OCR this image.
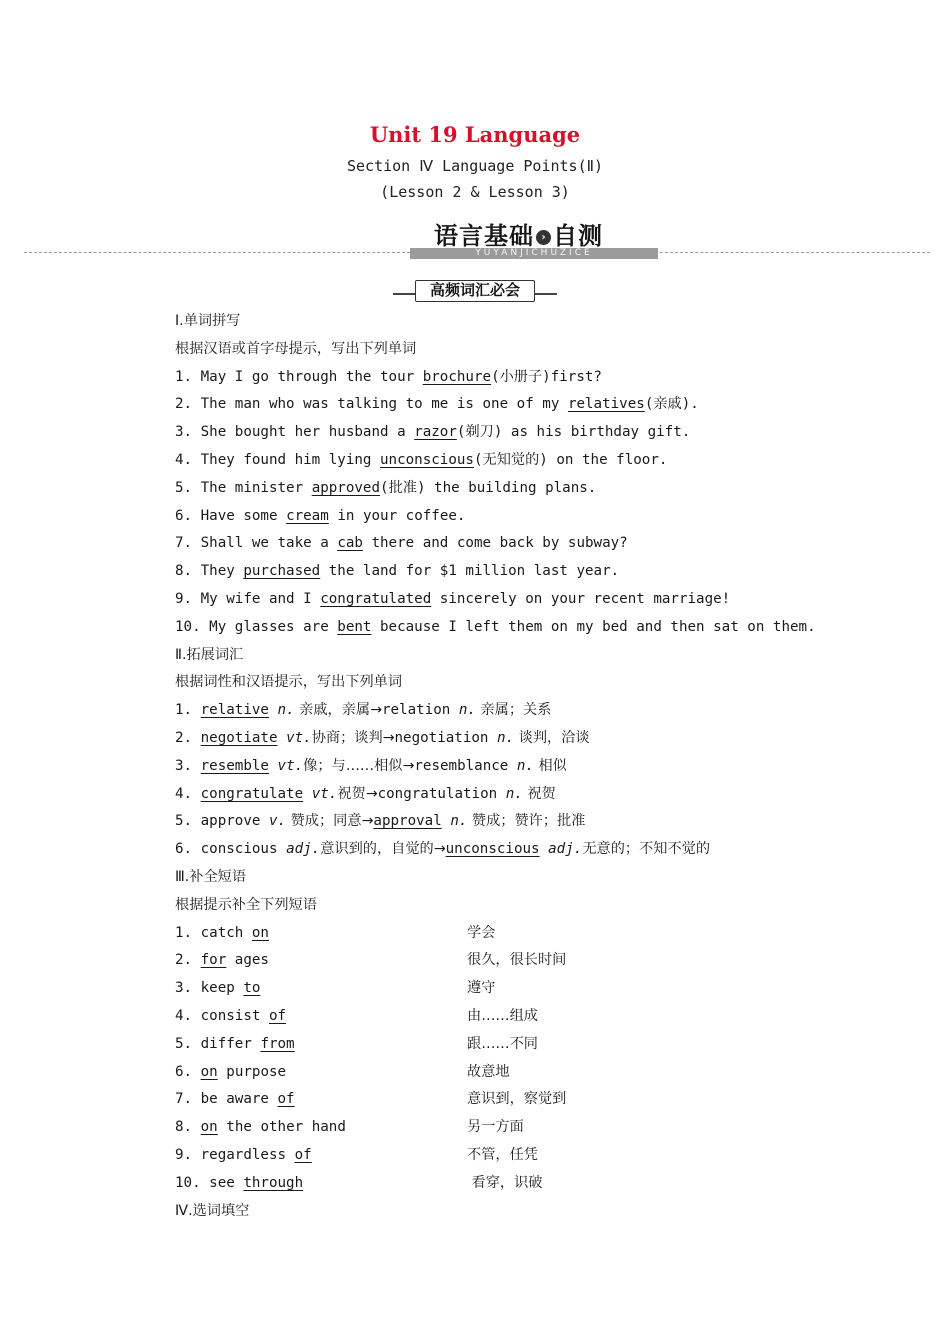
Unit 19 Language
Section Ⅳ Language Points(Ⅱ)
(Lesson 2 & Lesson 3)
YUYANJICHUZICE
语言基础 › 自测
高频词汇必会
Ⅰ.单词拼写
根据汉语或首字母提示，写出下列单词
1. May I go through the tour brochure(小册子)first?
2. The man who was talking to me is one of my relatives(亲戚).
3. She bought her husband a razor(剃刀) as his birthday gift.
4. They found him lying unconscious(无知觉的) on the floor.
5. The minister approved(批准) the building plans.
6. Have some cream in your coffee.
7. Shall we take a cab there and come back by subway?
8. They purchased the land for $1 million last year.
9. My wife and I congratulated sincerely on your recent marriage!
10. My glasses are bent because I left them on my bed and then sat on them.
Ⅱ.拓展词汇
根据词性和汉语提示，写出下列单词
1. relative n. 亲戚，亲属→relation n. 亲属；关系
2. negotiate vt.协商；谈判→negotiation n. 谈判，洽谈
3. resemble vt.像；与……相似→resemblance n. 相似
4. congratulate vt.祝贺→congratulation n. 祝贺
5. approve v. 赞成；同意→approval n. 赞成；赞许；批准
6. conscious adj.意识到的，自觉的→unconscious adj.无意的；不知不觉的
Ⅲ.补全短语
根据提示补全下列短语
1. catch on	学会
2. for ages	很久，很长时间
3. keep to	遵守
4. consist of	由……组成
5. differ from	跟……不同
6. on purpose	故意地
7. be aware of	意识到，察觉到
8. on the other hand	另一方面
9. regardless of	不管，任凭
10. see through	看穿，识破
Ⅳ.选词填空
